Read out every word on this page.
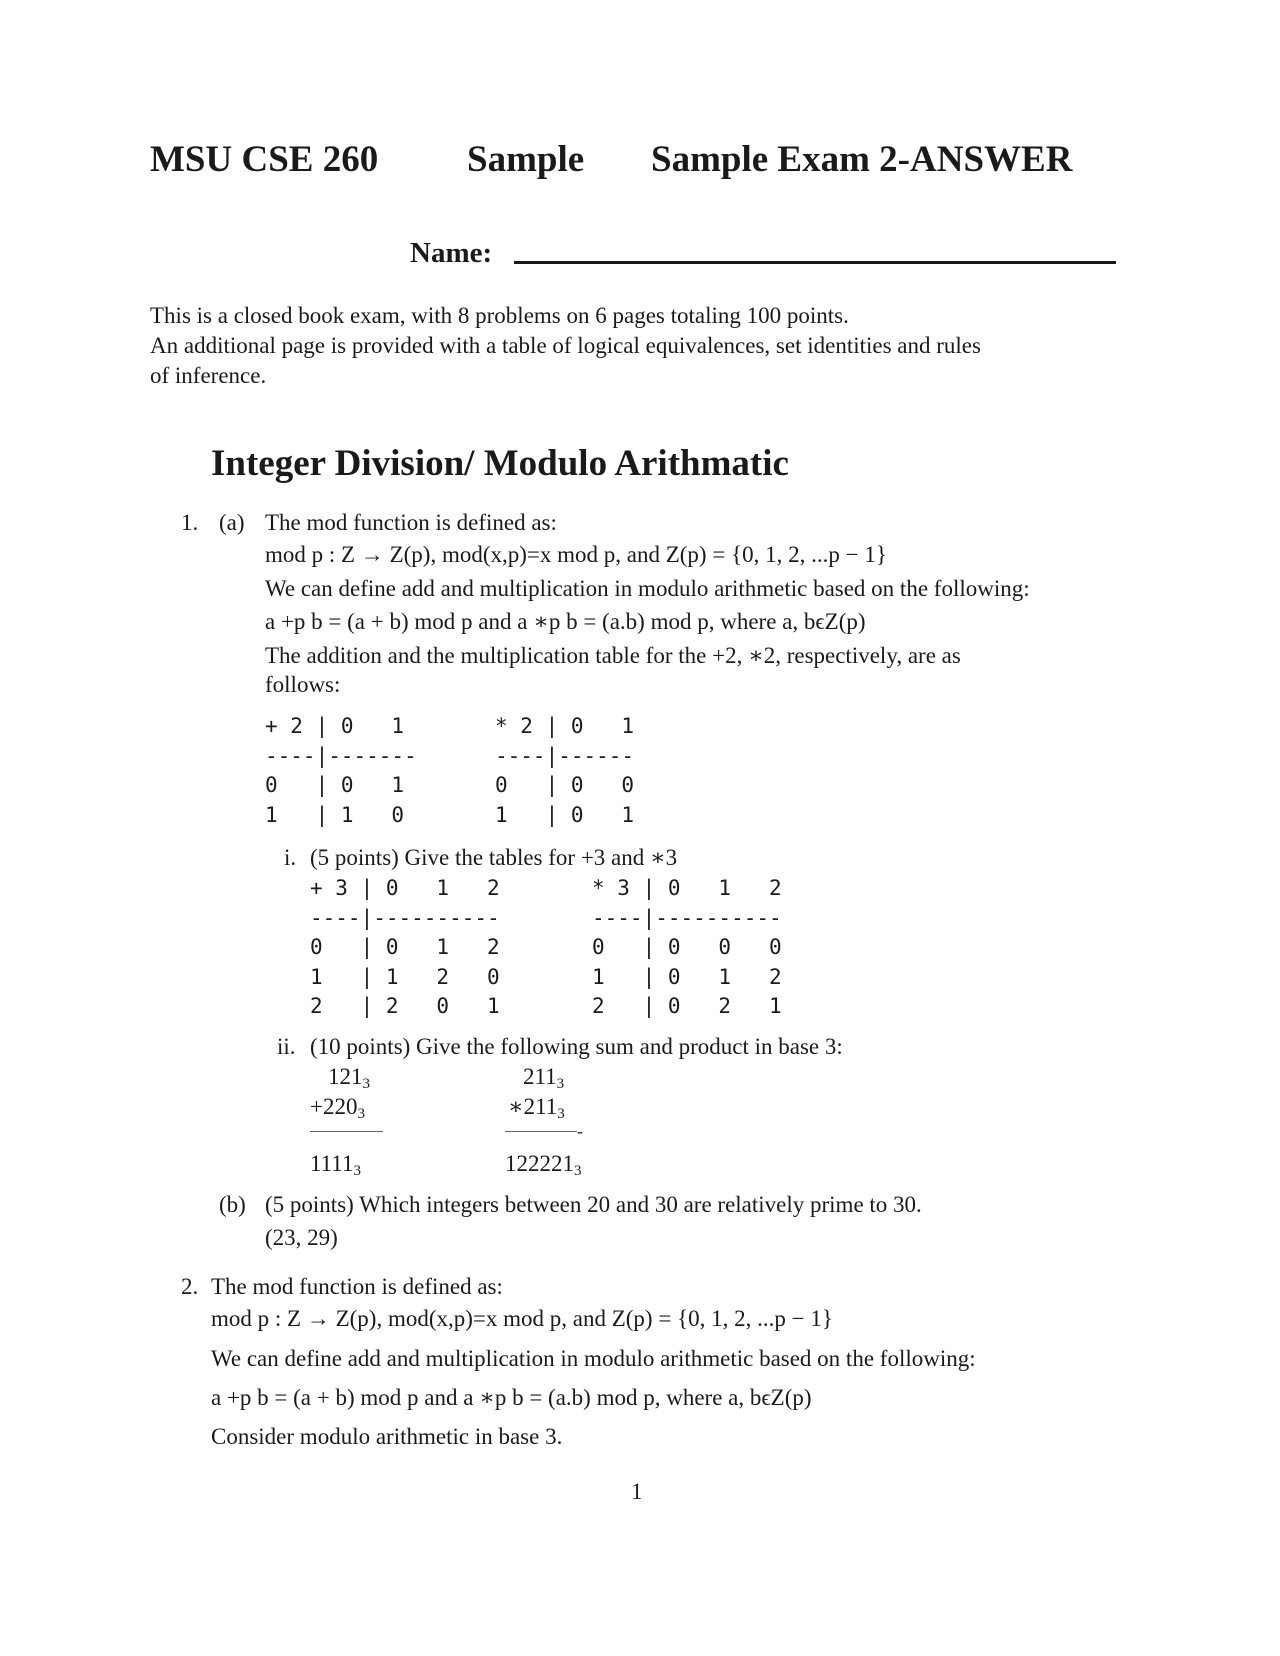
MSU CSE 260 Sample Sample Exam 2-ANSWER
Name:
This is a closed book exam, with 8 problems on 6 pages totaling 100 points.
An additional page is provided with a table of logical equivalences, set identities and rules
of inference.
Integer Division/ Modulo Arithmatic
1. (a) The mod function is defined as:
mod p : Z → Z(p), mod(x,p)=x mod p, and Z(p) = {0, 1, 2, ...p − 1}
We can define add and multiplication in modulo arithmetic based on the following:
a +p b = (a + b) mod p and a ∗p b = (a.b) mod p, where a, bϵZ(p)
The addition and the multiplication table for the +2, ∗2, respectively, are as
follows:
+ 2 | 0   1
----|-------
0   | 0   1
1   | 1   0
* 2 | 0   1
----|------
0   | 0   0
1   | 0   1
i. (5 points) Give the tables for +3 and ∗3
+ 3 | 0   1   2
----|----------
0   | 0   1   2
1   | 1   2   0
2   | 2   0   1
* 3 | 0   1   2
----|----------
0   | 0   0   0
1   | 0   1   2
2   | 0   2   1
ii. (10 points) Give the following sum and product in base 3:
$121_3$
$+220_3$
$1111_3$
$211_3$
$∗211_3$
-
$122221_3$
(b) (5 points) Which integers between 20 and 30 are relatively prime to 30.
(23, 29)
2. The mod function is defined as:
mod p : Z → Z(p), mod(x,p)=x mod p, and Z(p) = {0, 1, 2, ...p − 1}
We can define add and multiplication in modulo arithmetic based on the following:
a +p b = (a + b) mod p and a ∗p b = (a.b) mod p, where a, bϵZ(p)
Consider modulo arithmetic in base 3.
1
